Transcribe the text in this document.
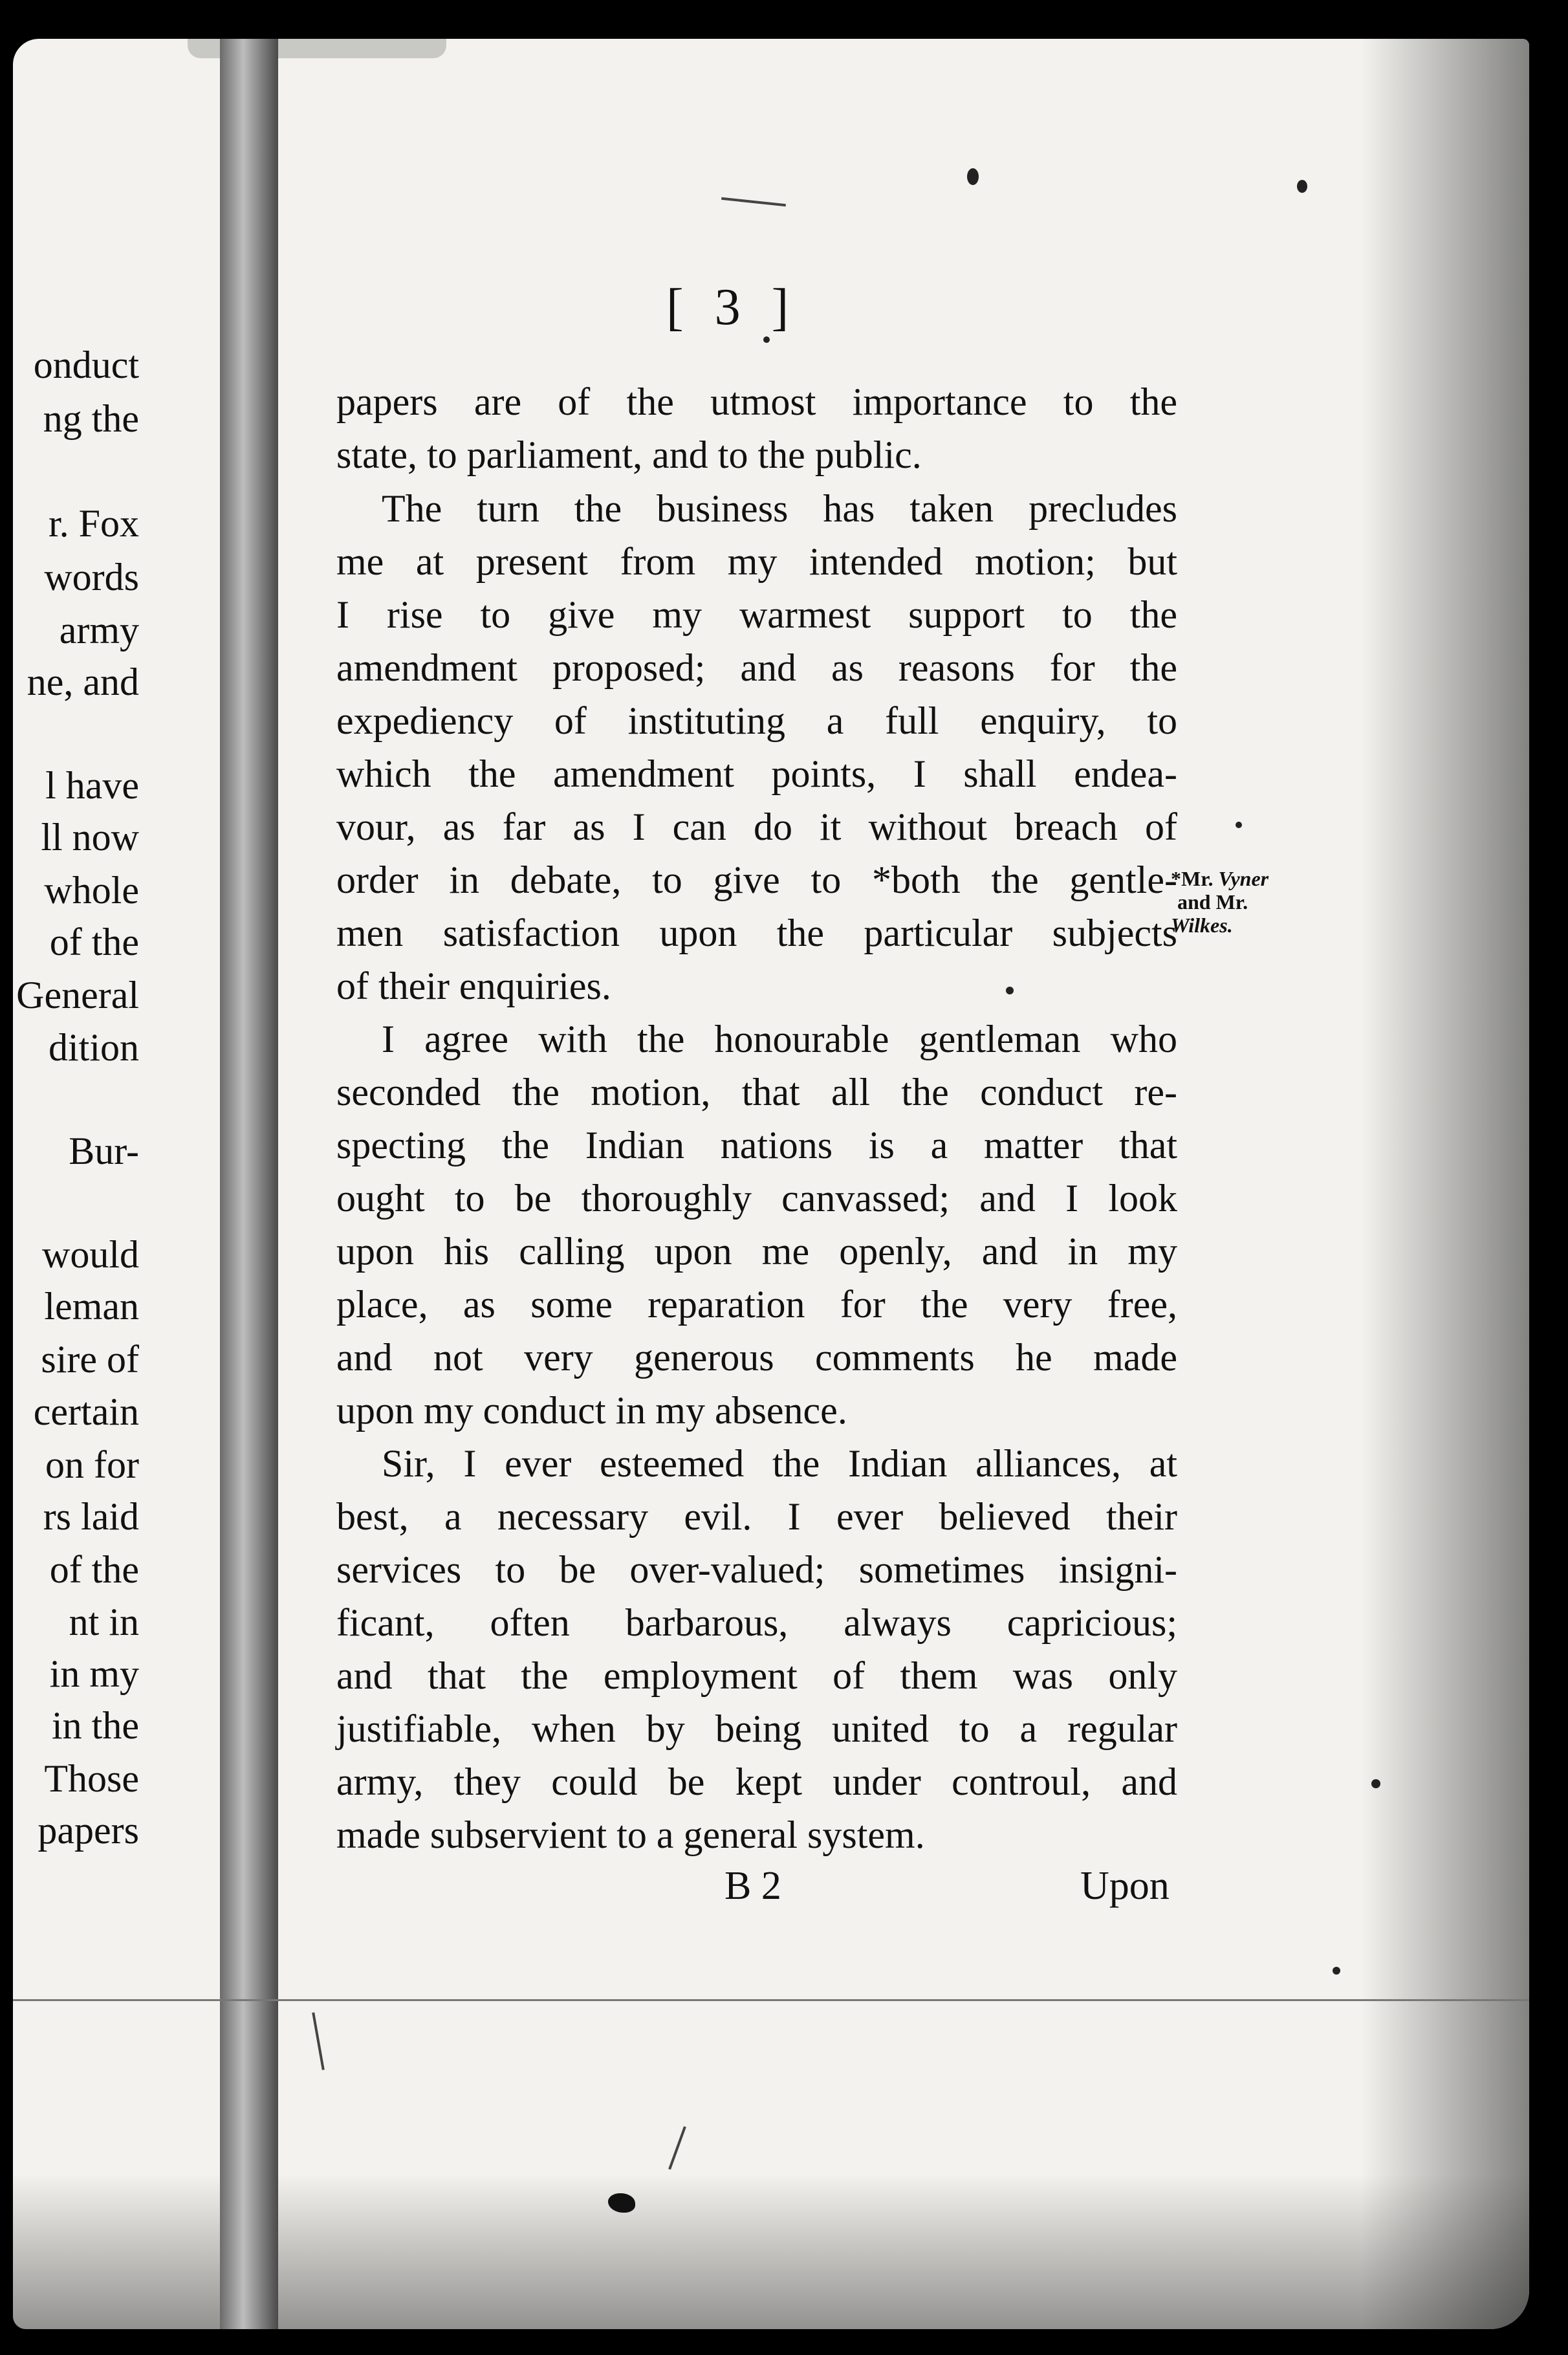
onduct
ng the
r. Fox
words
army
ne, and
l have
ll now
whole
of the
General
dition
Bur-
would
leman
sire of
certain
on for
rs laid
of the
nt in
in my
in the
Those
papers
[ 3 ]
papers are of the utmost importance to the
state, to parliament, and to the public.
The turn the business has taken precludes
me at present from my intended motion; but
I rise to give my warmest support to the
amendment proposed; and as reasons for the
expediency of instituting a full enquiry, to
which the amendment points, I shall endea-
vour, as far as I can do it without breach of
order in debate, to give to *both the gentle-
men satisfaction upon the particular subjects
of their enquiries.
I agree with the honourable gentleman who
seconded the motion, that all the conduct re-
specting the Indian nations is a matter that
ought to be thoroughly canvassed; and I look
upon his calling upon me openly, and in my
place, as some reparation for the very free,
and not very generous comments he made
upon my conduct in my absence.
Sir, I ever esteemed the Indian alliances, at
best, a necessary evil. I ever believed their
services to be over-valued; sometimes insigni-
ficant, often barbarous, always capricious;
and that the employment of them was only
justifiable, when by being united to a regular
army, they could be kept under controul, and
made subservient to a general system.
*Mr. Vyner
and Mr.
Wilkes.
B 2	Upon
